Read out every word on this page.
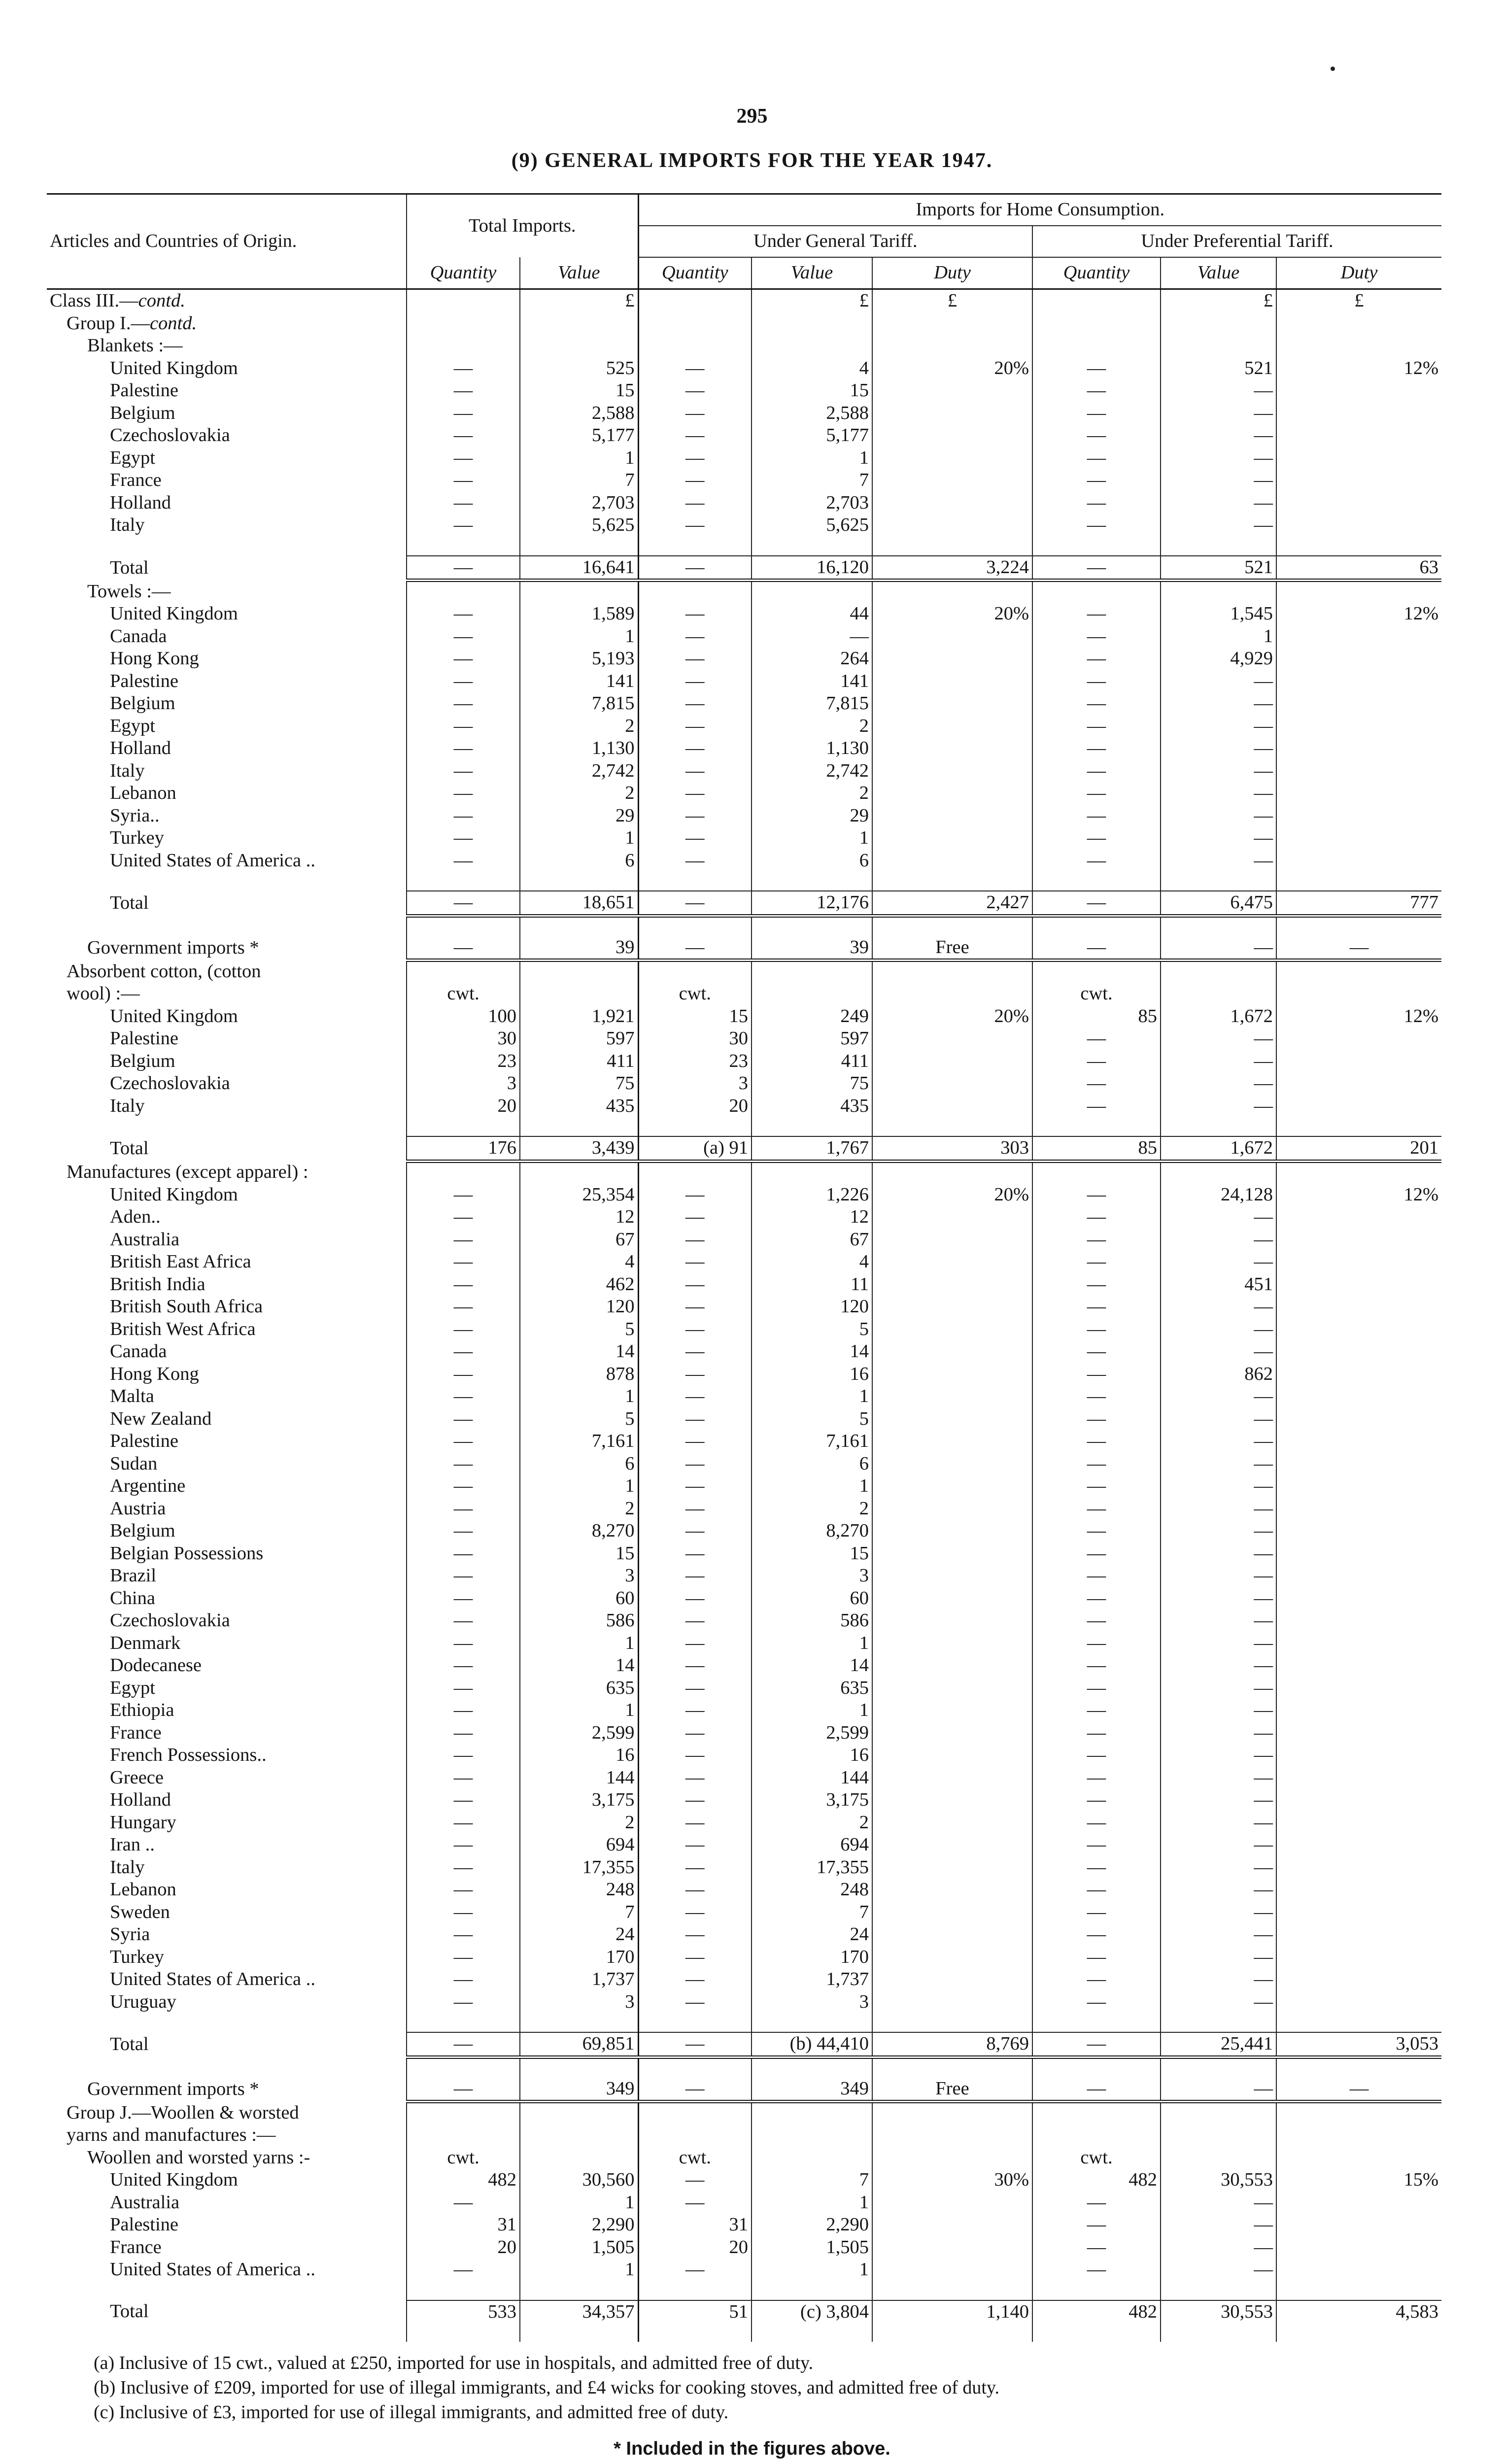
295
(9) GENERAL IMPORTS FOR THE YEAR 1947.
Articles and Countries of Origin.	Total Imports.		Imports for Home Consumption.					
			Under General Tariff.			Under Preferential Tariff.		
	Quantity	Value	Quantity	Value	Duty	Quantity	Value	Duty
Class III.—contd.		£		£	£		£	£
Group I.—contd.								
Blankets :—								
United Kingdom	—	525	—	4	20%	—	521	12%
Palestine	—	15	—	15		—	—	
Belgium	—	2,588	—	2,588		—	—	
Czechoslovakia	—	5,177	—	5,177		—	—	
Egypt	—	1	—	1		—	—	
France	—	7	—	7		—	—	
Holland	—	2,703	—	2,703		—	—	
Italy	—	5,625	—	5,625		—	—	

Total	—	16,641	—	16,120	3,224	—	521	63
Towels :—								
United Kingdom	—	1,589	—	44	20%	—	1,545	12%
Canada	—	1	—	—		—	1	
Hong Kong	—	5,193	—	264		—	4,929	
Palestine	—	141	—	141		—	—	
Belgium	—	7,815	—	7,815		—	—	
Egypt	—	2	—	2		—	—	
Holland	—	1,130	—	1,130		—	—	
Italy	—	2,742	—	2,742		—	—	
Lebanon	—	2	—	2		—	—	
Syria..	—	29	—	29		—	—	
Turkey	—	1	—	1		—	—	
United States of America ..	—	6	—	6		—	—	

Total	—	18,651	—	12,176	2,427	—	6,475	777

Government imports *	—	39	—	39	Free	—	—	—
Absorbent cotton, (cotton								
wool) :—	cwt.		cwt.			cwt.		
United Kingdom	100	1,921	15	249	20%	85	1,672	12%
Palestine	30	597	30	597		—	—	
Belgium	23	411	23	411		—	—	
Czechoslovakia	3	75	3	75		—	—	
Italy	20	435	20	435		—	—	

Total	176	3,439	(a) 91	1,767	303	85	1,672	201
Manufactures (except apparel) :								
United Kingdom	—	25,354	—	1,226	20%	—	24,128	12%
Aden..	—	12	—	12		—	—	
Australia	—	67	—	67		—	—	
British East Africa	—	4	—	4		—	—	
British India	—	462	—	11		—	451	
British South Africa	—	120	—	120		—	—	
British West Africa	—	5	—	5		—	—	
Canada	—	14	—	14		—	—	
Hong Kong	—	878	—	16		—	862	
Malta	—	1	—	1		—	—	
New Zealand	—	5	—	5		—	—	
Palestine	—	7,161	—	7,161		—	—	
Sudan	—	6	—	6		—	—	
Argentine	—	1	—	1		—	—	
Austria	—	2	—	2		—	—	
Belgium	—	8,270	—	8,270		—	—	
Belgian Possessions	—	15	—	15		—	—	
Brazil	—	3	—	3		—	—	
China	—	60	—	60		—	—	
Czechoslovakia	—	586	—	586		—	—	
Denmark	—	1	—	1		—	—	
Dodecanese	—	14	—	14		—	—	
Egypt	—	635	—	635		—	—	
Ethiopia	—	1	—	1		—	—	
France	—	2,599	—	2,599		—	—	
French Possessions..	—	16	—	16		—	—	
Greece	—	144	—	144		—	—	
Holland	—	3,175	—	3,175		—	—	
Hungary	—	2	—	2		—	—	
Iran ..	—	694	—	694		—	—	
Italy	—	17,355	—	17,355		—	—	
Lebanon	—	248	—	248		—	—	
Sweden	—	7	—	7		—	—	
Syria	—	24	—	24		—	—	
Turkey	—	170	—	170		—	—	
United States of America ..	—	1,737	—	1,737		—	—	
Uruguay	—	3	—	3		—	—	

Total	—	69,851	—	(b) 44,410	8,769	—	25,441	3,053

Government imports *	—	349	—	349	Free	—	—	—
Group J.—Woollen & worsted								
yarns and manufactures :—								
Woollen and worsted yarns :-	cwt.		cwt.			cwt.		
United Kingdom	482	30,560	—	7	30%	482	30,553	15%
Australia	—	1	—	1		—	—	
Palestine	31	2,290	31	2,290		—	—	
France	20	1,505	20	1,505		—	—	
United States of America ..	—	1	—	1		—	—	

Total	533	34,357	51	(c) 3,804	1,140	482	30,553	4,583

(a) Inclusive of 15 cwt., valued at £250, imported for use in hospitals, and admitted free of duty.
(b) Inclusive of £209, imported for use of illegal immigrants, and £4 wicks for cooking stoves, and admitted free of duty.
(c) Inclusive of £3, imported for use of illegal immigrants, and admitted free of duty.
* Included in the figures above.
